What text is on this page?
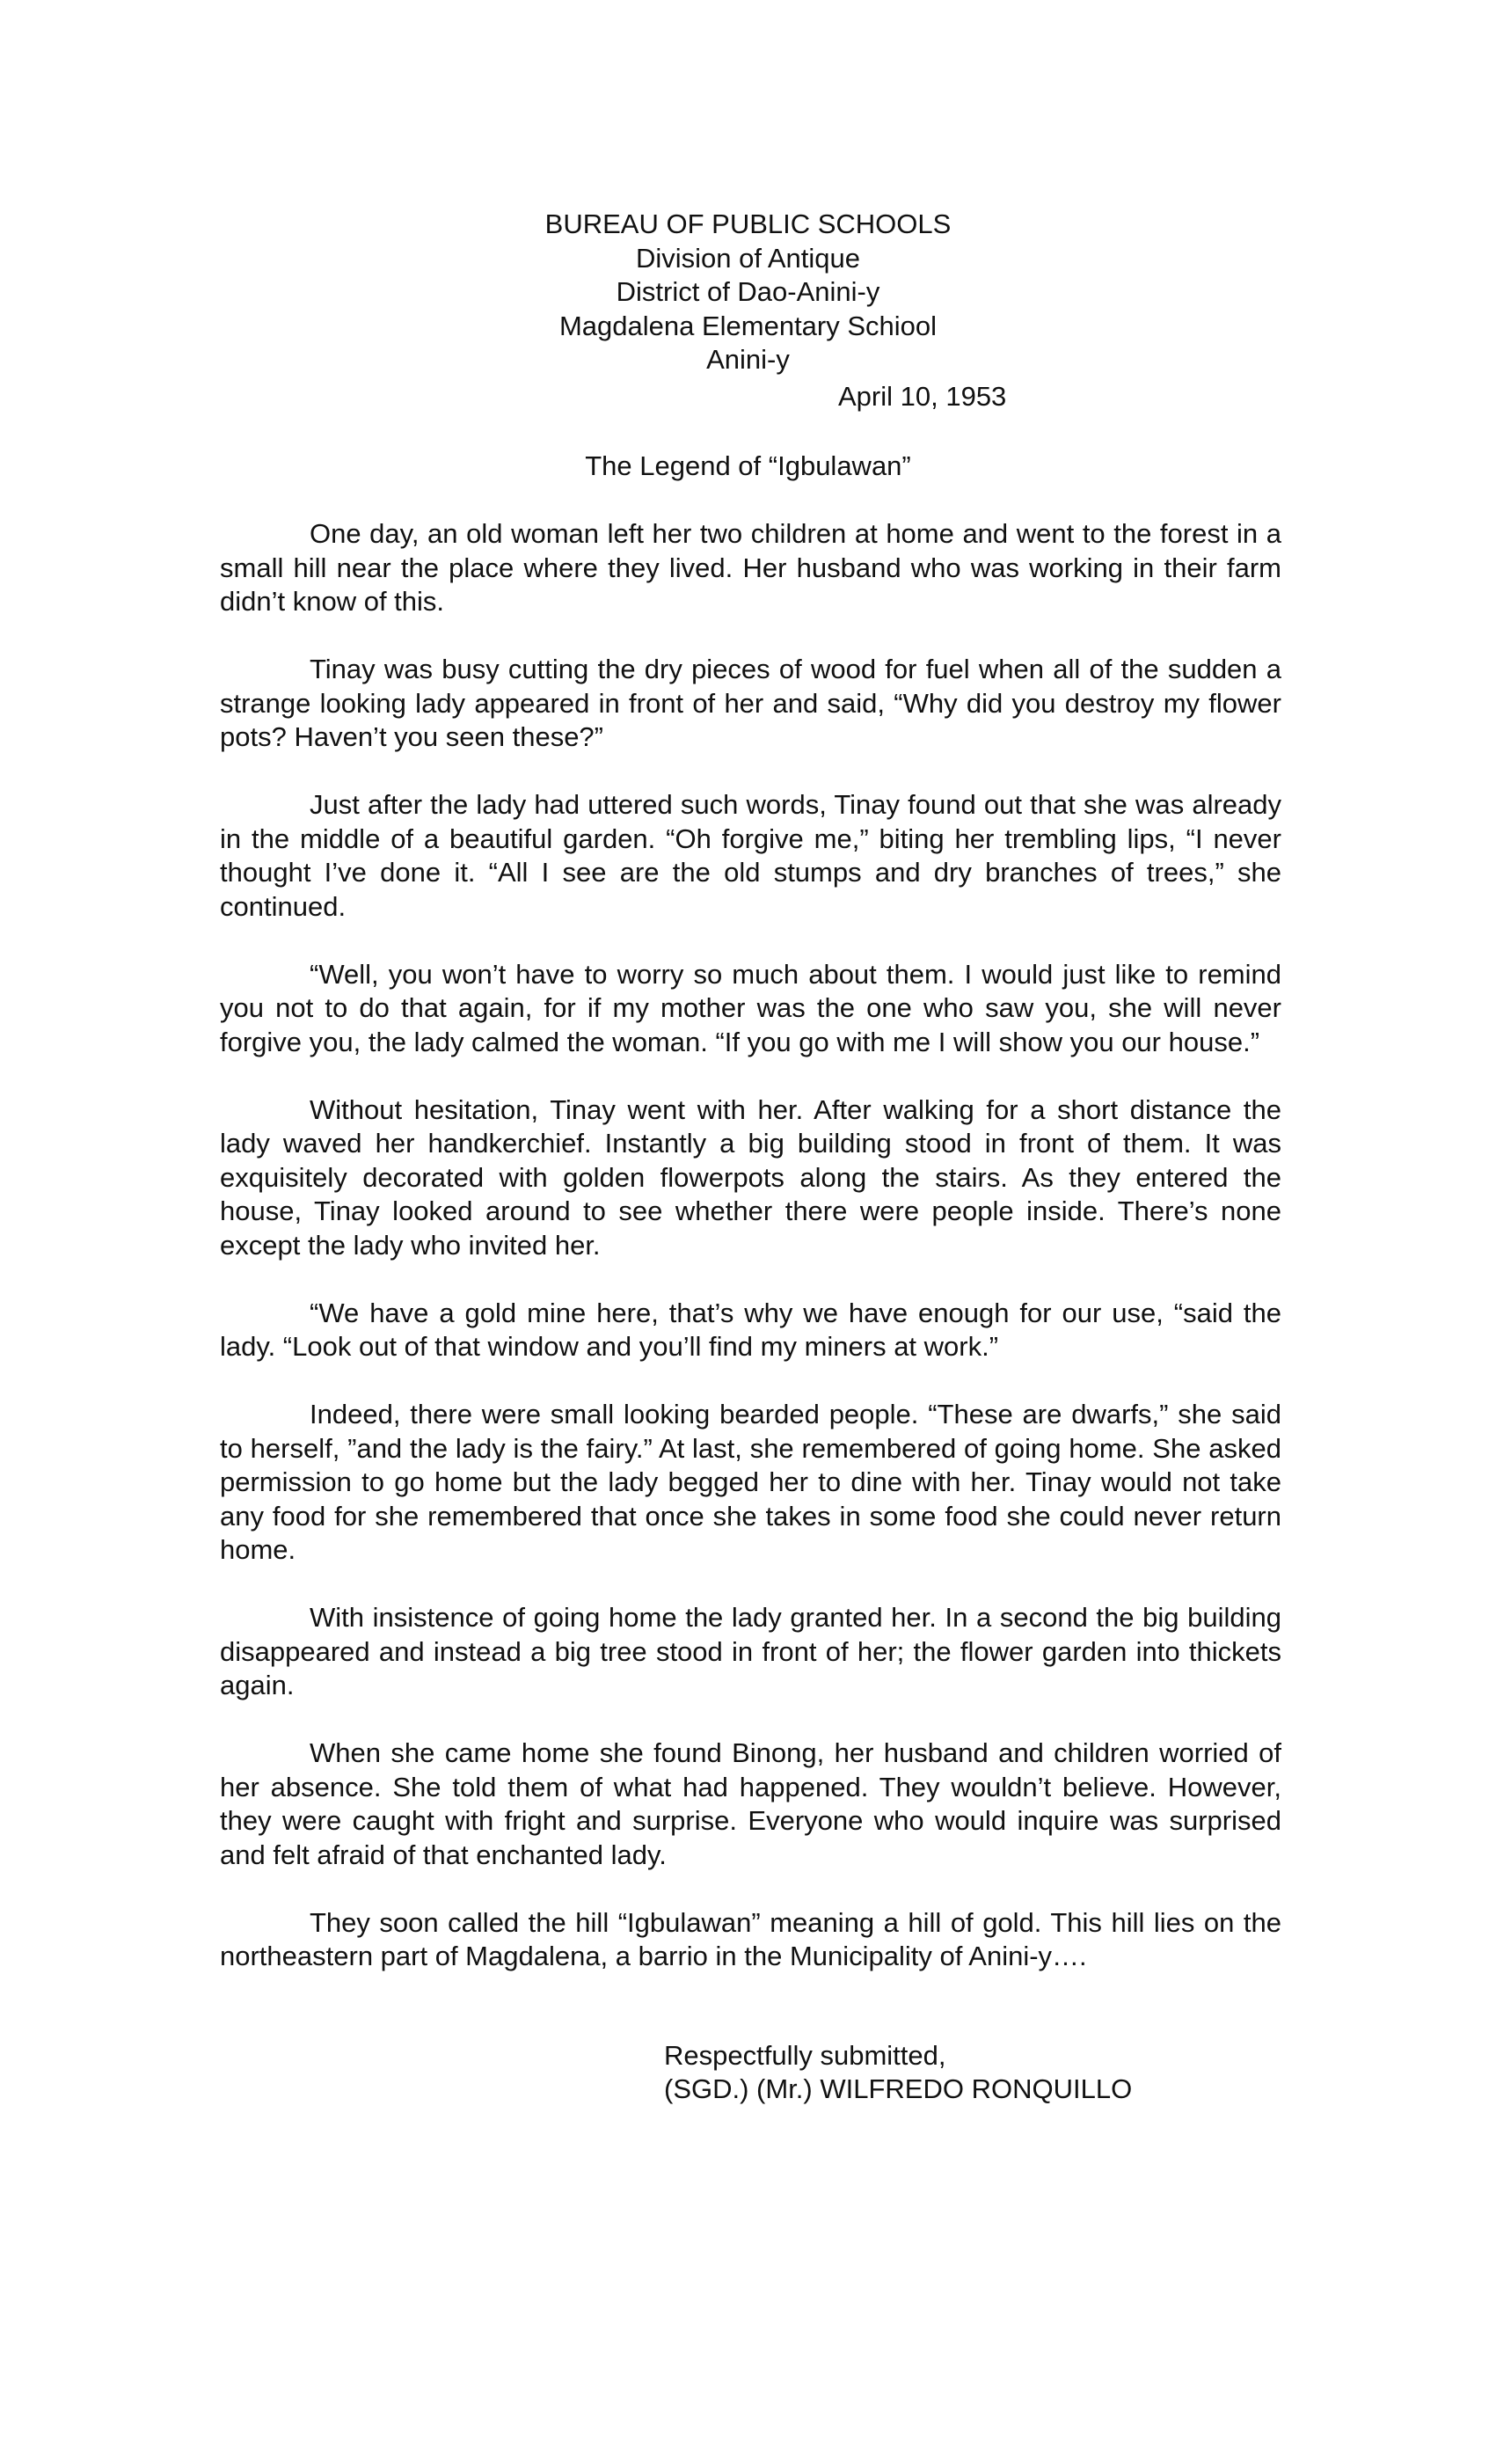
BUREAU OF PUBLIC SCHOOLS
Division of Antique
District of Dao-Anini-y
Magdalena Elementary Schiool
Anini-y
April 10, 1953
The Legend of “Igbulawan”

One day, an old woman left her two children at home and went to the forest in a small hill near the place where they lived. Her husband who was working in their farm didn’t know of this.

Tinay was busy cutting the dry pieces of wood for fuel when all of the sudden a strange looking lady appeared in front of her and said, “Why did you destroy my flower pots? Haven’t you seen these?”

Just after the lady had uttered such words, Tinay found out that she was already in the middle of a beautiful garden. “Oh forgive me,” biting her trembling lips, “I never thought I’ve done it. “All I see are the old stumps and dry branches of trees,” she continued.

“Well, you won’t have to worry so much about them. I would just like to remind you not to do that again, for if my mother was the one who saw you, she will never forgive you, the lady calmed the woman. “If you go with me I will show you our house.”

Without hesitation, Tinay went with her. After walking for a short distance the lady waved her handkerchief. Instantly a big building stood in front of them. It was exquisitely decorated with golden flowerpots along the stairs. As they entered the house, Tinay looked around to see whether there were people inside. There’s none except the lady who invited her.

“We have a gold mine here, that’s why we have enough for our use, “said the lady. “Look out of that window and you’ll find my miners at work.”

Indeed, there were small looking bearded people. “These are dwarfs,” she said to herself, ”and the lady is the fairy.” At last, she remembered of going home. She asked permission to go home but the lady begged her to dine with her. Tinay would not take any food for she remembered that once she takes in some food she could never return home.

With insistence of going home the lady granted her. In a second the big building disappeared and instead a big tree stood in front of her; the flower garden into thickets again.

When she came home she found Binong, her husband and children worried of her absence. She told them of what had happened. They wouldn’t believe. However, they were caught with fright and surprise. Everyone who would inquire was surprised and felt afraid of that enchanted lady.

They soon called the hill “Igbulawan” meaning a hill of gold. This hill lies on the northeastern part of Magdalena, a barrio in the Municipality of Anini-y….

Respectfully submitted,
(SGD.) (Mr.) WILFREDO RONQUILLO
